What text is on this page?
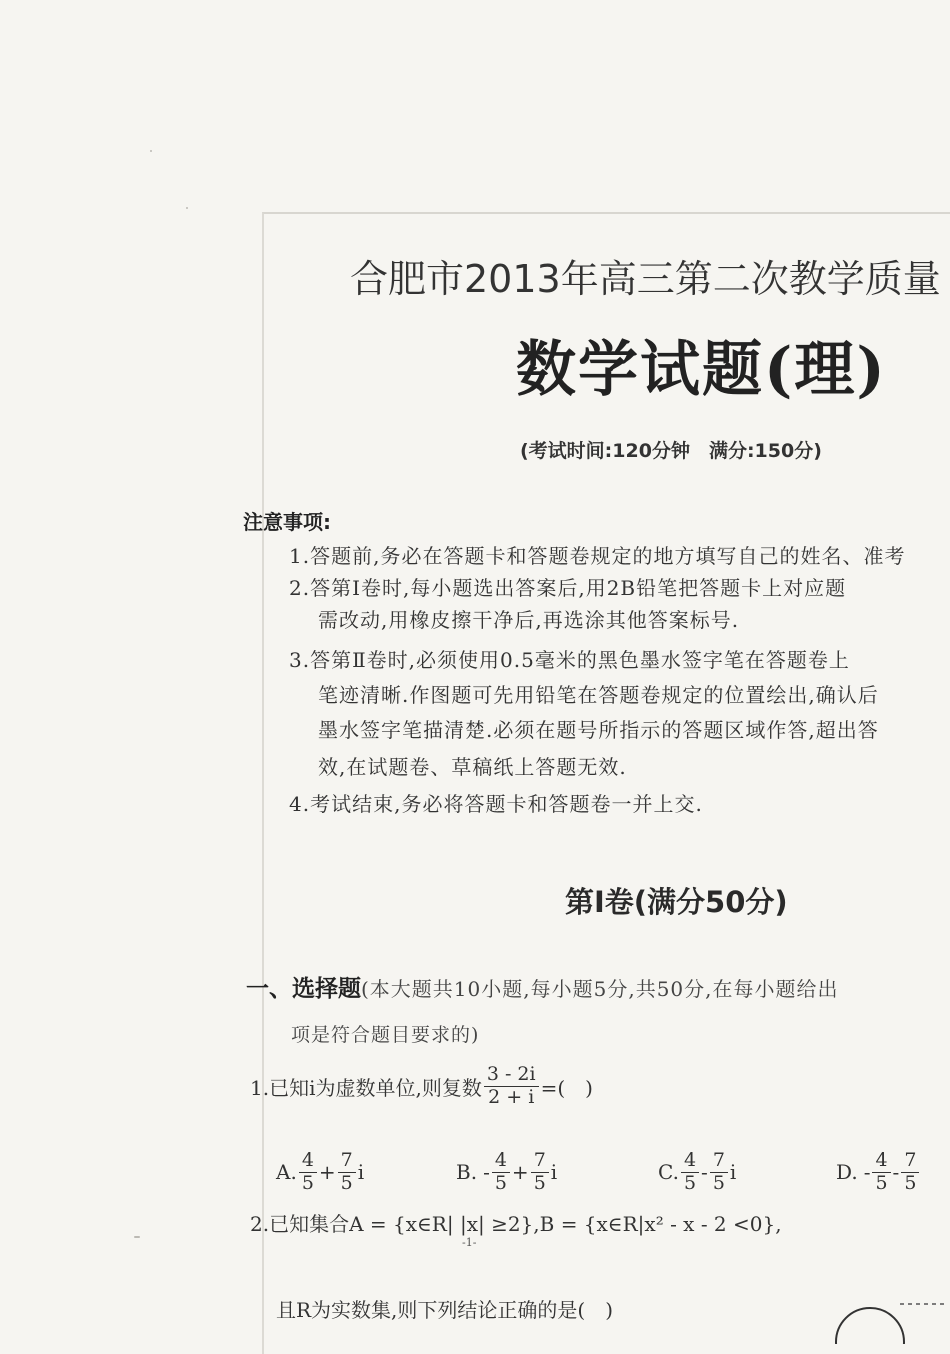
合肥市2013年高三第二次教学质量
数学试题(理)
(考试时间:120分钟　满分:150分)
注意事项:
1.答题前,务必在答题卡和答题卷规定的地方填写自己的姓名、准考
2.答第Ⅰ卷时,每小题选出答案后,用2B铅笔把答题卡上对应题
需改动,用橡皮擦干净后,再选涂其他答案标号.
3.答第Ⅱ卷时,必须使用0.5毫米的黑色墨水签字笔在答题卷上
笔迹清晰.作图题可先用铅笔在答题卷规定的位置绘出,确认后
墨水签字笔描清楚.必须在题号所指示的答题区域作答,超出答
效,在试题卷、草稿纸上答题无效.
4.考试结束,务必将答题卡和答题卷一并上交.
第Ⅰ卷(满分50分)
一、选择题(本大题共10小题,每小题5分,共50分,在每小题给出
项是符合题目要求的)
1.已知i为虚数单位,则复数 $\frac{3 - 2i}{2 + i}$ =(　)
A. $\frac{4}{5} + \frac{7}{5}$ i	B. - $\frac{4}{5} + \frac{7}{5}$ i	C. $\frac{4}{5} - \frac{7}{5}$ i	D. - $\frac{4}{5} - \frac{7}{5}$
2.已知集合A = {x∈R| |x| ≥2},B = {x∈R|x² - x - 2 <0},
-1-
且R为实数集,则下列结论正确的是(　)
